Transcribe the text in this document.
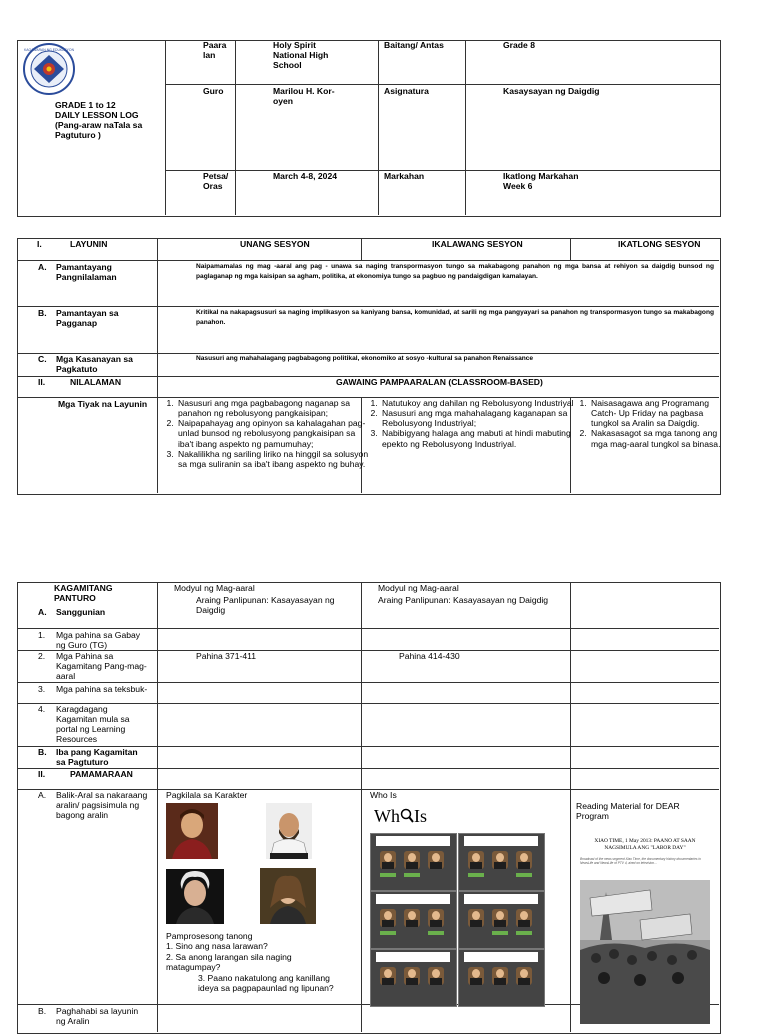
KAGAWARAN NG EDUKASYON
GRADE 1 to 12
DAILY LESSON LOG
(Pang-araw naTala sa
Pagtuturo )
Paara
lan
Holy Spirit
National High
School
Baitang/ Antas	Grade 8
Guro	Marilou H. Kor-
oyen
Asignatura	Kasaysayan ng Daigdig
Petsa/
Oras
March 4-8, 2024	Markahan	Ikatlong Markahan
Week 6
I.	LAYUNIN	UNANG SESYON	IKALAWANG SESYON	IKATLONG SESYON
A. Pamantayang
Pangnilalaman
Naipamamalas ng mag -aaral ang pag - unawa sa naging transpormasyon tungo sa makabagong panahon ng mga bansa at rehiyon sa daigdig bunsod ng paglaganap ng mga kaisipan sa agham, politika, at ekonomiya tungo sa pagbuo ng pandaigdigan kamalayan.
B. Pamantayan sa
Pagganap
Kritikal na nakapagsusuri sa naging implikasyon sa kaniyang bansa, komunidad, at sarili ng mga pangyayari sa panahon ng transpormasyon tungo sa makabagong panahon.
C. Mga Kasanayan sa
Pagkatuto
Nasusuri ang mahahalagang pagbabagong politikal, ekonomiko at sosyo -kultural sa panahon Renaissance
II.	NILALAMAN	GAWAING PAMPAARALAN (CLASSROOM-BASED)
Mga Tiyak na Layunin
1.	Nasusuri ang mga pagbabagong naganap sa panahon ng rebolusyong pangkaisipan;
2. Naipapahayag ang opinyon sa kahalagahan pag-unlad bunsod ng rebolusyong pangkaisipan sa iba't ibang aspekto ng pamumuhay;
3. Nakalilikha ng sariling liriko na hinggil sa solusyon sa mga suliranin sa iba't ibang aspekto ng buhay.
1. Natutukoy ang dahilan ng Rebolusyong Industriyal
2. Nasusuri ang mga mahahalagang kaganapan sa Rebolusyong Industriyal;
3. Nabibigyang halaga ang mabuti at hindi mabuting epekto ng Rebolusyong Industriyal.
1. Naisasagawa ang Programang Catch- Up Friday na pagbasa tungkol sa Aralin sa Daigdig.
2. Nakasasagot sa mga tanong ang mga mag-aaral tungkol sa binasa.
KAGAMITANG
PANTURO
A. Sanggunian
Modyul ng Mag-aaral
Araing Panlipunan: Kasayasayan ng
Daigdig
Modyul ng Mag-aaral
Araing Panlipunan: Kasayasayan ng Daigdig
1. Mga pahina sa Gabay
ng Guro (TG)
2. Mga Pahina sa
Kagamitang Pang-mag-
aaral
Pahina 371-411	Pahina 414-430
3. Mga pahina sa teksbuk-
4. Karagdagang
Kagamitan mula sa
portal ng Learning
Resources
B. Iba pang Kagamitan
sa Pagtuturo
II.	PAMAMARAAN
A. Balik-Aral sa nakaraang
aralin/ pagsisimula ng
bagong aralin
Pagkilala sa Karakter
Pamprosesong tanong
1. Sino ang nasa larawan?
2. Sa anong larangan sila naging
matagumpay?
3. Paano nakatulong ang kanillang
ideya sa pagpapaunlad ng lipunan?
Who Is
Wh Is	Reading Material for DEAR
Program
XIAO TIME, 1 May 2013: PAANO AT SAAN
NAGSIMULA ANG "LABOR DAY"
Broadcast of the news segment Xiao Time, the documentary history documentaries in NewsLife and NewsLife of PTV 4, aired on television...
B. Paghahabi sa layunin
ng Aralin
